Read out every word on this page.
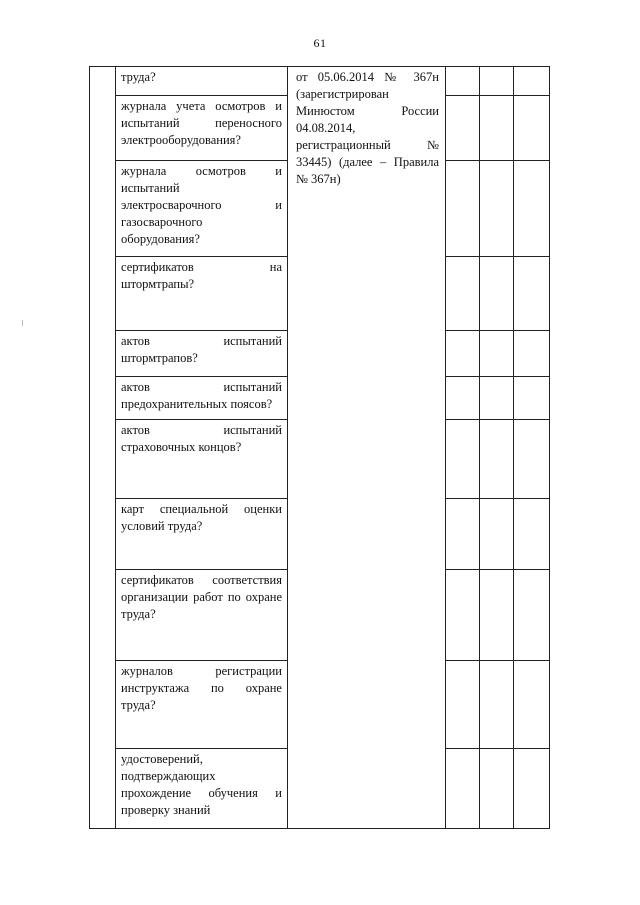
61

	труда?	от 05.06.2014 № 367н (зарегистрирован Минюстом России 04.08.2014, регистрационный № 33445) (далее – Правила № 367н)			

	журнала учета осмотров и испытаний переносного электрооборудования?				

	журнала осмотров и испытаний электросварочного и газосварочного оборудования?				

	сертификатов на штормтрапы?				

	актов испытаний штормтрапов?				

	актов испытаний предохранительных поясов?				

	актов испытаний страховочных концов?				

	карт специальной оценки условий труда?				

	сертификатов соответствия организации работ по охране труда?				

	журналов регистрации инструктажа по охране труда?				

	удостоверений, подтверждающих прохождение обучения и проверку знаний				
